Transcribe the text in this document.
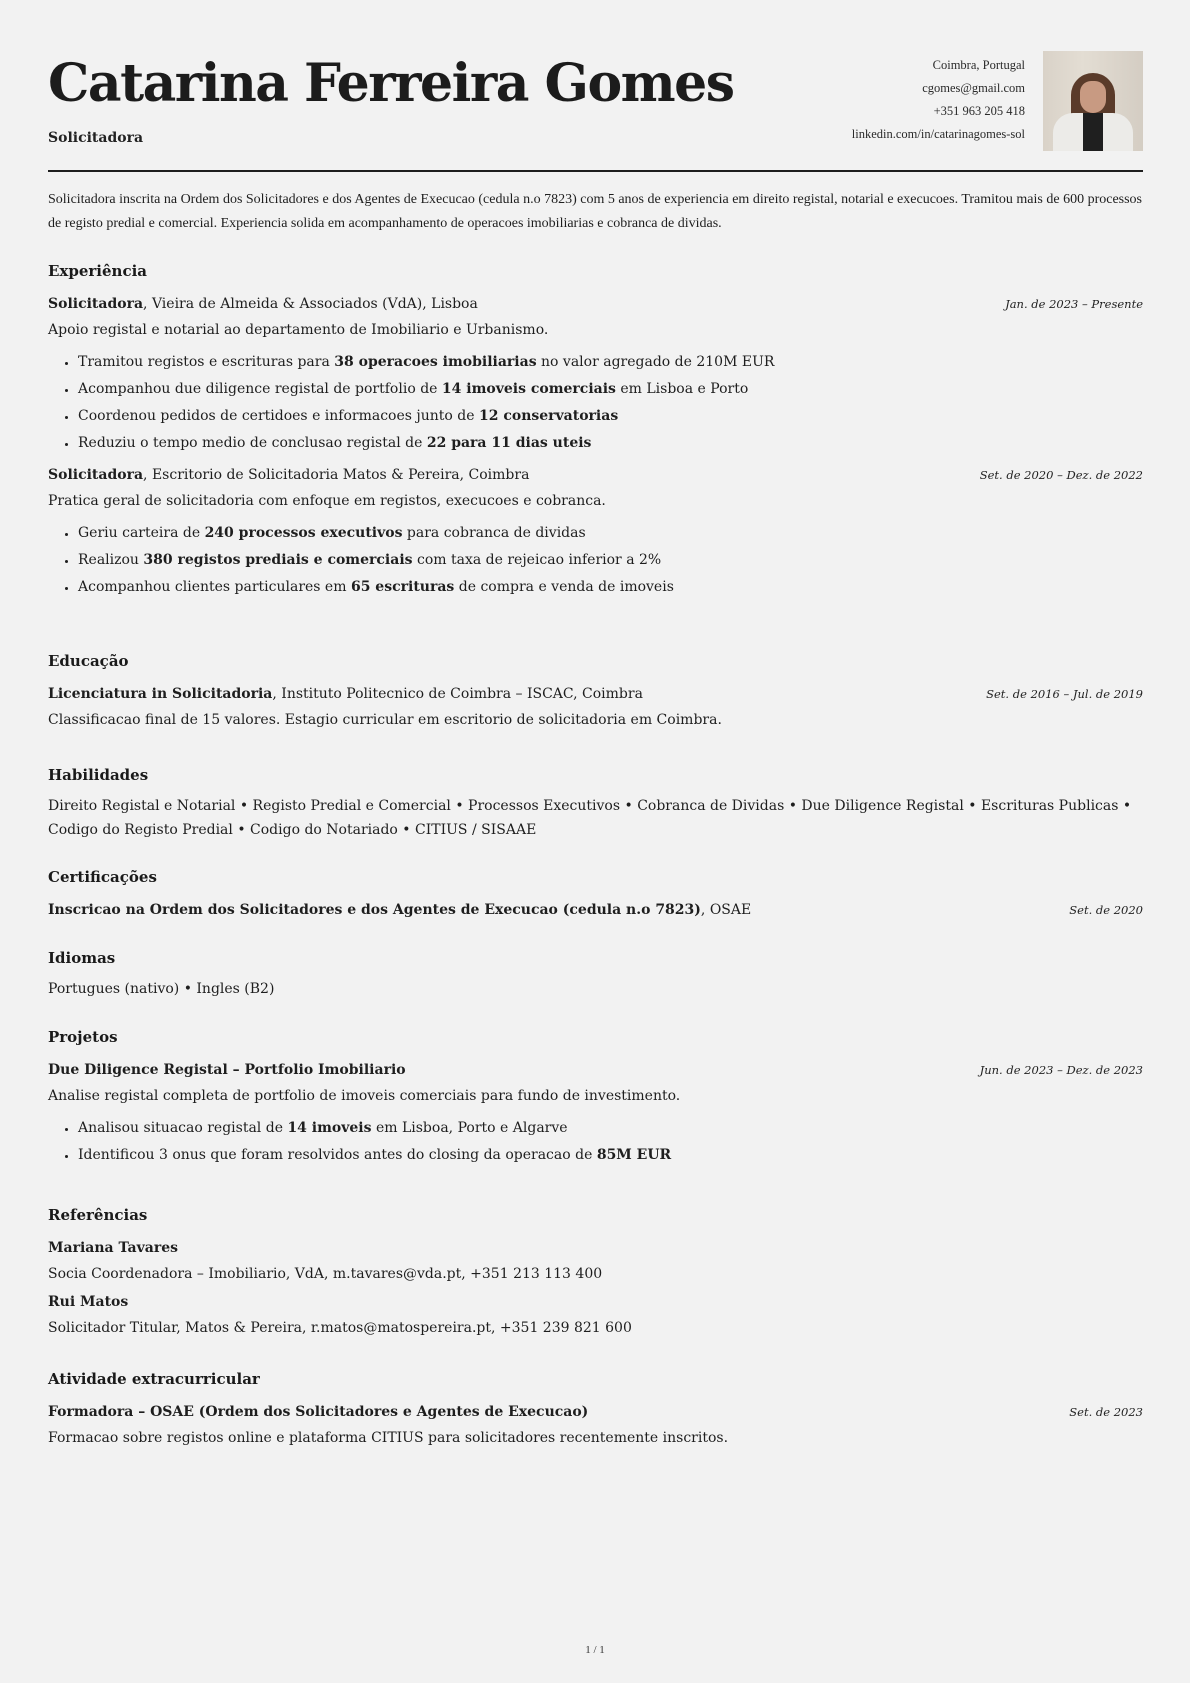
Catarina Ferreira Gomes
Solicitadora
Coimbra, Portugal
cgomes@gmail.com
+351 963 205 418
linkedin.com/in/catarinagomes-sol

Solicitadora inscrita na Ordem dos Solicitadores e dos Agentes de Execucao (cedula n.o 7823) com 5 anos de experiencia em direito registal, notarial e execucoes. Tramitou mais de 600 processos de registo predial e comercial. Experiencia solida em acompanhamento de operacoes imobiliarias e cobranca de dividas.

Experiência
Solicitadora, Vieira de Almeida & Associados (VdA), Lisboa	Jan. de 2023 – Presente
Apoio registal e notarial ao departamento de Imobiliario e Urbanismo.
• Tramitou registos e escrituras para 38 operacoes imobiliarias no valor agregado de 210M EUR
• Acompanhou due diligence registal de portfolio de 14 imoveis comerciais em Lisboa e Porto
• Coordenou pedidos de certidoes e informacoes junto de 12 conservatorias
• Reduziu o tempo medio de conclusao registal de 22 para 11 dias uteis
Solicitadora, Escritorio de Solicitadoria Matos & Pereira, Coimbra	Set. de 2020 – Dez. de 2022
Pratica geral de solicitadoria com enfoque em registos, execucoes e cobranca.
• Geriu carteira de 240 processos executivos para cobranca de dividas
• Realizou 380 registos prediais e comerciais com taxa de rejeicao inferior a 2%
• Acompanhou clientes particulares em 65 escrituras de compra e venda de imoveis
Educação
Licenciatura in Solicitadoria, Instituto Politecnico de Coimbra – ISCAC, Coimbra	Set. de 2016 – Jul. de 2019
Classificacao final de 15 valores. Estagio curricular em escritorio de solicitadoria em Coimbra.
Habilidades
Direito Registal e Notarial • Registo Predial e Comercial • Processos Executivos • Cobranca de Dividas • Due Diligence Registal • Escrituras Publicas • Codigo do Registo Predial • Codigo do Notariado • CITIUS / SISAAE
Certificações
Inscricao na Ordem dos Solicitadores e dos Agentes de Execucao (cedula n.o 7823), OSAE	Set. de 2020
Idiomas
Portugues (nativo) • Ingles (B2)
Projetos
Due Diligence Registal – Portfolio Imobiliario	Jun. de 2023 – Dez. de 2023
Analise registal completa de portfolio de imoveis comerciais para fundo de investimento.
• Analisou situacao registal de 14 imoveis em Lisboa, Porto e Algarve
• Identificou 3 onus que foram resolvidos antes do closing da operacao de 85M EUR
Referências
Mariana Tavares
Socia Coordenadora – Imobiliario, VdA, m.tavares@vda.pt, +351 213 113 400
Rui Matos
Solicitador Titular, Matos & Pereira, r.matos@matospereira.pt, +351 239 821 600
Atividade extracurricular
Formadora – OSAE (Ordem dos Solicitadores e Agentes de Execucao)	Set. de 2023
Formacao sobre registos online e plataforma CITIUS para solicitadores recentemente inscritos.
1 / 1
